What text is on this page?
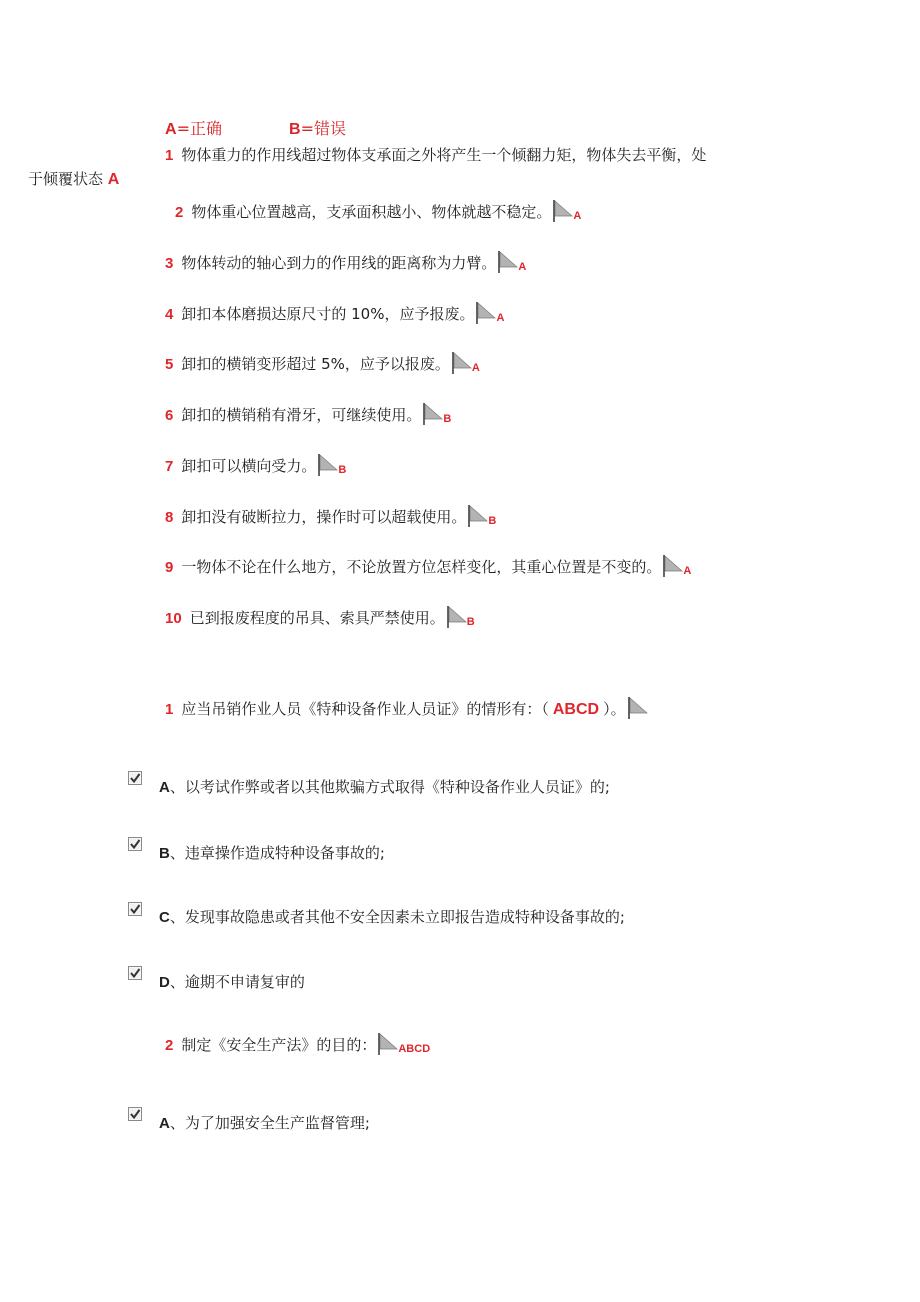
A=正确	B=错误
1 物体重力的作用线超过物体支承面之外将产生一个倾翻力矩，物体失去平衡，处
于倾覆状态 A
2 物体重心位置越高，支承面积越小、物体就越不稳定。 A
3 物体转动的轴心到力的作用线的距离称为力臂。 A
4 卸扣本体磨损达原尺寸的 10%，应予报废。 A
5 卸扣的横销变形超过 5%，应予以报废。 A
6 卸扣的横销稍有滑牙，可继续使用。 B
7 卸扣可以横向受力。 B
8 卸扣没有破断拉力，操作时可以超载使用。 B
9 一物体不论在什么地方，不论放置方位怎样变化，其重心位置是不变的。 A
10 已到报废程度的吊具、索具严禁使用。 B
1 应当吊销作业人员《特种设备作业人员证》的情形有：（ ABCD ）。
A、以考试作弊或者以其他欺骗方式取得《特种设备作业人员证》的;
B、违章操作造成特种设备事故的;
C、发现事故隐患或者其他不安全因素未立即报告造成特种设备事故的;
D、逾期不申请复审的
2 制定《安全生产法》的目的： ABCD
A、为了加强安全生产监督管理;
